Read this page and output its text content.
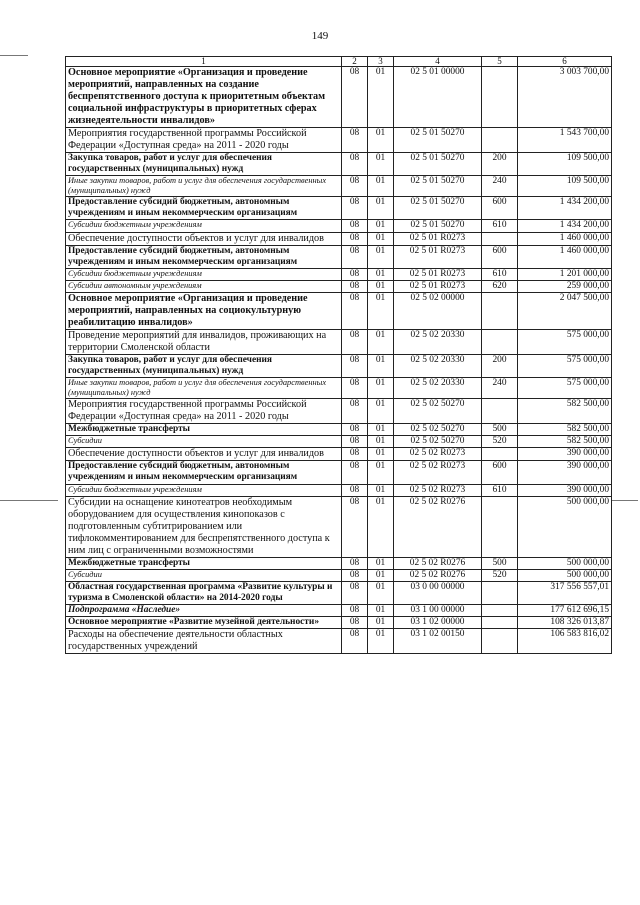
149
1	2	3	4	5	6
Основное мероприятие «Организация и проведение мероприятий, направленных на создание беспрепятственного доступа к приоритетным объектам социальной инфраструктуры в приоритетных сферах жизнедеятельности инвалидов»	08	01	02 5 01 00000		3 003 700,00
Мероприятия государственной программы Российской Федерации «Доступная среда» на 2011 - 2020 годы	08	01	02 5 01 50270		1 543 700,00
Закупка товаров, работ и услуг для обеспечения государственных (муниципальных) нужд	08	01	02 5 01 50270	200	109 500,00
Иные закупки товаров, работ и услуг для обеспечения государственных (муниципальных) нужд	08	01	02 5 01 50270	240	109 500,00
Предоставление субсидий бюджетным, автономным учреждениям и иным некоммерческим организациям	08	01	02 5 01 50270	600	1 434 200,00
Субсидии бюджетным учреждениям	08	01	02 5 01 50270	610	1 434 200,00
Обеспечение доступности объектов и услуг для инвалидов	08	01	02 5 01 R0273		1 460 000,00
Предоставление субсидий бюджетным, автономным учреждениям и иным некоммерческим организациям	08	01	02 5 01 R0273	600	1 460 000,00
Субсидии бюджетным учреждениям	08	01	02 5 01 R0273	610	1 201 000,00
Субсидии автономным учреждениям	08	01	02 5 01 R0273	620	259 000,00
Основное мероприятие «Организация и проведение мероприятий, направленных на социокультурную реабилитацию инвалидов»	08	01	02 5 02 00000		2 047 500,00
Проведение мероприятий для инвалидов, проживающих на территории Смоленской области	08	01	02 5 02 20330		575 000,00
Закупка товаров, работ и услуг для обеспечения государственных (муниципальных) нужд	08	01	02 5 02 20330	200	575 000,00
Иные закупки товаров, работ и услуг для обеспечения государственных (муниципальных) нужд	08	01	02 5 02 20330	240	575 000,00
Мероприятия государственной программы Российской Федерации «Доступная среда» на 2011 - 2020 годы	08	01	02 5 02 50270		582 500,00
Межбюджетные трансферты	08	01	02 5 02 50270	500	582 500,00
Субсидии	08	01	02 5 02 50270	520	582 500,00
Обеспечение доступности объектов и услуг для инвалидов	08	01	02 5 02 R0273		390 000,00
Предоставление субсидий бюджетным, автономным учреждениям и иным некоммерческим организациям	08	01	02 5 02 R0273	600	390 000,00
Субсидии бюджетным учреждениям	08	01	02 5 02 R0273	610	390 000,00
Субсидии на оснащение кинотеатров необходимым оборудованием для осуществления кинопоказов с подготовленным субтитрированием или тифлокомментированием для беспрепятственного доступа к ним лиц с ограниченными возможностями	08	01	02 5 02 R0276		500 000,00
Межбюджетные трансферты	08	01	02 5 02 R0276	500	500 000,00
Субсидии	08	01	02 5 02 R0276	520	500 000,00
Областная государственная программа «Развитие культуры и туризма в Смоленской области» на 2014-2020 годы	08	01	03 0 00 00000		317 556 557,01
Подпрограмма «Наследие»	08	01	03 1 00 00000		177 612 696,15
Основное мероприятие «Развитие музейной деятельности»	08	01	03 1 02 00000		108 326 013,87
Расходы на обеспечение деятельности областных государственных учреждений	08	01	03 1 02 00150		106 583 816,02
